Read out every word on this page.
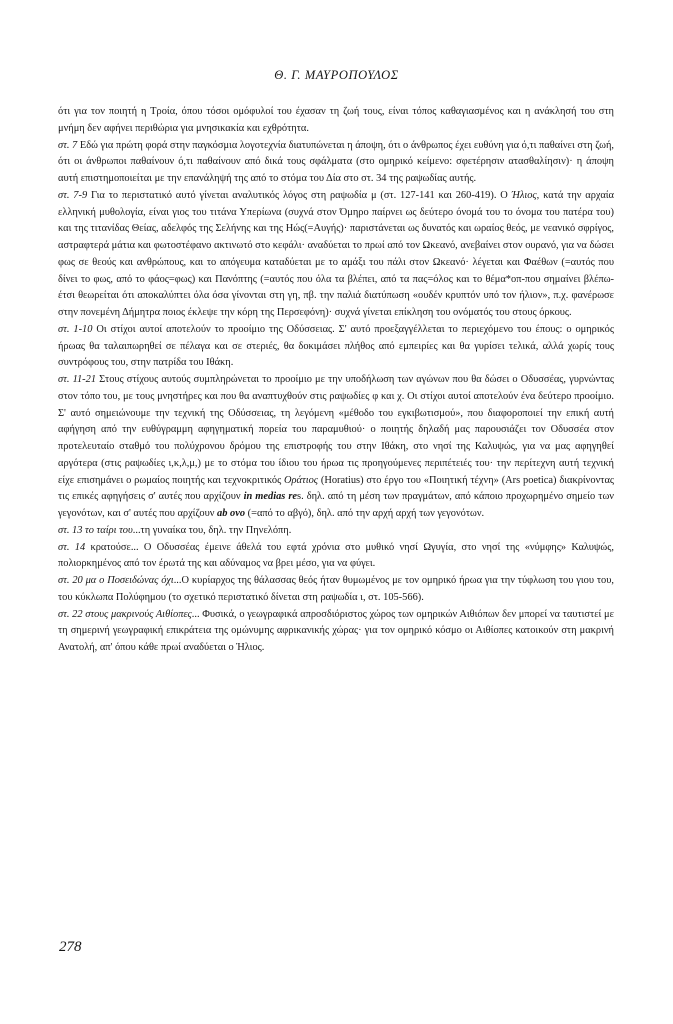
Θ. Γ. ΜΑΥΡΟΠΟΥΛΟΣ

ότι για τον ποιητή η Τροία, όπου τόσοι ομόφυλοί του έχασαν τη ζωή τους, είναι τόπος καθαγιασμένος και η ανάκλησή του στη μνήμη δεν αφήνει περιθώρια για μνησικακία και εχθρότητα.

στ. 7 Εδώ για πρώτη φορά στην παγκόσμια λογοτεχνία διατυπώνεται η άποψη, ότι ο άνθρωπος έχει ευθύνη για ό,τι παθαίνει στη ζωή, ότι οι άνθρωποι παθαίνουν ό,τι παθαίνουν από δικά τους σφάλματα (στο ομηρικό κείμενο: σφετέρησιν ατασθαλίησιν)· η άποψη αυτή επιστημοποιείται με την επανάληψή της από το στόμα του Δία στο στ. 34 της ραψωδίας αυτής.

στ. 7-9 Για το περιστατικό αυτό γίνεται αναλυτικός λόγος στη ραψωδία μ (στ. 127-141 και 260-419). Ο Ήλιος, κατά την αρχαία ελληνική μυθολογία, είναι γιος του τιτάνα Υπερίωνα (συχνά στον Όμηρο παίρνει ως δεύτερο όνομά του το όνομα του πατέρα του) και της τιτανίδας Θείας, αδελφός της Σελήνης και της Ηώς(=Αυγής)· παριστάνεται ως δυνατός και ωραίος θεός, με νεανικό σφρίγος, αστραφτερά μάτια και φωτοστέφανο ακτινωτό στο κεφάλι· αναδύεται το πρωί από τον Ωκεανό, ανεβαίνει στον ουρανό, για να δώσει φως σε θεούς και ανθρώπους, και το απόγευμα καταδύεται με το αμάξι του πάλι στον Ωκεανό· λέγεται και Φαέθων (=αυτός που δίνει το φως, από το φάος=φως) και Πανόπτης (=αυτός που όλα τα βλέπει, από τα πας=όλος και το θέμα*οπ-που σημαίνει βλέπω-έτσι θεωρείται ότι αποκαλύπτει όλα όσα γίνονται στη γη, πβ. την παλιά διατύπωση «ουδέν κρυπτόν υπό τον ήλιον», π.χ. φανέρωσε στην πονεμένη Δήμητρα ποιος έκλεψε την κόρη της Περσεφόνη)· συχνά γίνεται επίκληση του ονόματός του στους όρκους.

στ. 1-10 Οι στίχοι αυτοί αποτελούν το προοίμιο της Οδύσσειας. Σ' αυτό προεξαγγέλλεται το περιεχόμενο του έπους: ο ομηρικός ήρωας θα ταλαιπωρηθεί σε πέλαγα και σε στεριές, θα δοκιμάσει πλήθος από εμπειρίες και θα γυρίσει τελικά, αλλά χωρίς τους συντρόφους του, στην πατρίδα του Ιθάκη.

στ. 11-21 Στους στίχους αυτούς συμπληρώνεται το προοίμιο με την υποδήλωση των αγώνων που θα δώσει ο Οδυσσέας, γυρνώντας στον τόπο του, με τους μνηστήρες και που θα αναπτυχθούν στις ραψωδίες φ και χ. Οι στίχοι αυτοί αποτελούν ένα δεύτερο προοίμιο. Σ' αυτό σημειώνουμε την τεχνική της Οδύσσειας, τη λεγόμενη «μέθοδο του εγκιβωτισμού», που διαφοροποιεί την επική αυτή αφήγηση από την ευθύγραμμη αφηγηματική πορεία του παραμυθιού· ο ποιητής δηλαδή μας παρουσιάζει τον Οδυσσέα στον προτελευταίο σταθμό του πολύχρονου δρόμου της επιστροφής του στην Ιθάκη, στο νησί της Καλυψώς, για να μας αφηγηθεί αργότερα (στις ραψωδίες ι,κ,λ,μ,) με το στόμα του ίδιου του ήρωα τις προηγούμενες περιπέτειές του· την περίτεχνη αυτή τεχνική είχε επισημάνει ο ρωμαίος ποιητής και τεχνοκριτικός Οράτιος (Horatius) στο έργο του «Ποιητική τέχνη» (Ars poetica) διακρίνοντας τις επικές αφηγήσεις σ' αυτές που αρχίζουν in medias res. δηλ. από τη μέση των πραγμάτων, από κάποιο προχωρημένο σημείο των γεγονότων, και σ' αυτές που αρχίζουν ab ovo (=από το αβγό), δηλ. από την αρχή αρχή των γεγονότων.

στ. 13 το ταίρι του...τη γυναίκα του, δηλ. την Πηνελόπη.

στ. 14 κρατούσε... Ο Οδυσσέας έμεινε άθελά του εφτά χρόνια στο μυθικό νησί Ωγυγία, στο νησί της «νύμφης» Καλυψώς, πολιορκημένος από τον έρωτά της και αδύναμος να βρει μέσο, για να φύγει.

στ. 20 μα ο Ποσειδώνας όχι...Ο κυρίαρχος της θάλασσας θεός ήταν θυμωμένος με τον ομηρικό ήρωα για την τύφλωση του γιου του, του κύκλωπα Πολύφημου (το σχετικό περιστατικό δίνεται στη ραψωδία ι, στ. 105-566).

στ. 22 στους μακρινούς Αιθίοπες... Φυσικά, ο γεωγραφικά απροσδιόριστος χώρος των ομηρικών Αιθιόπων δεν μπορεί να ταυτιστεί με τη σημερινή γεωγραφική επικράτεια της ομώνυμης αφρικανικής χώρας· για τον ομηρικό κόσμο οι Αιθίοπες κατοικούν στη μακρινή Ανατολή, απ' όπου κάθε πρωί αναδύεται ο Ήλιος.

278
